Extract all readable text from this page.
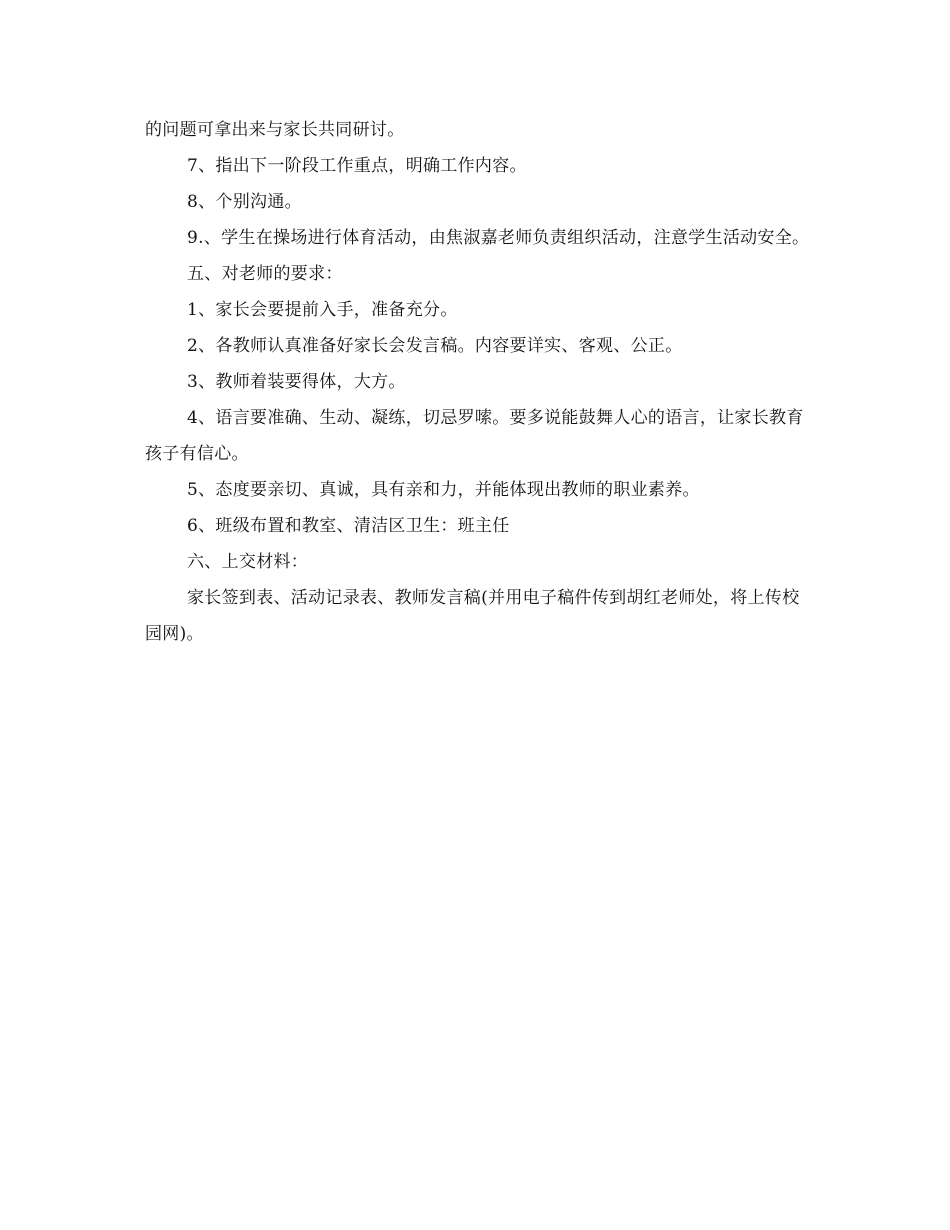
的问题可拿出来与家长共同研讨。

7、指出下一阶段工作重点，明确工作内容。

8、个别沟通。

9.、学生在操场进行体育活动，由焦淑嘉老师负责组织活动，注意学生活动安全。

五、对老师的要求：

1、家长会要提前入手，准备充分。

2、各教师认真准备好家长会发言稿。内容要详实、客观、公正。

3、教师着装要得体，大方。

4、语言要准确、生动、凝练，切忌罗嗦。要多说能鼓舞人心的语言，让家长教育孩子有信心。

5、态度要亲切、真诚，具有亲和力，并能体现出教师的职业素养。

6、班级布置和教室、清洁区卫生：班主任

六、上交材料：

家长签到表、活动记录表、教师发言稿(并用电子稿件传到胡红老师处，将上传校园网)。
